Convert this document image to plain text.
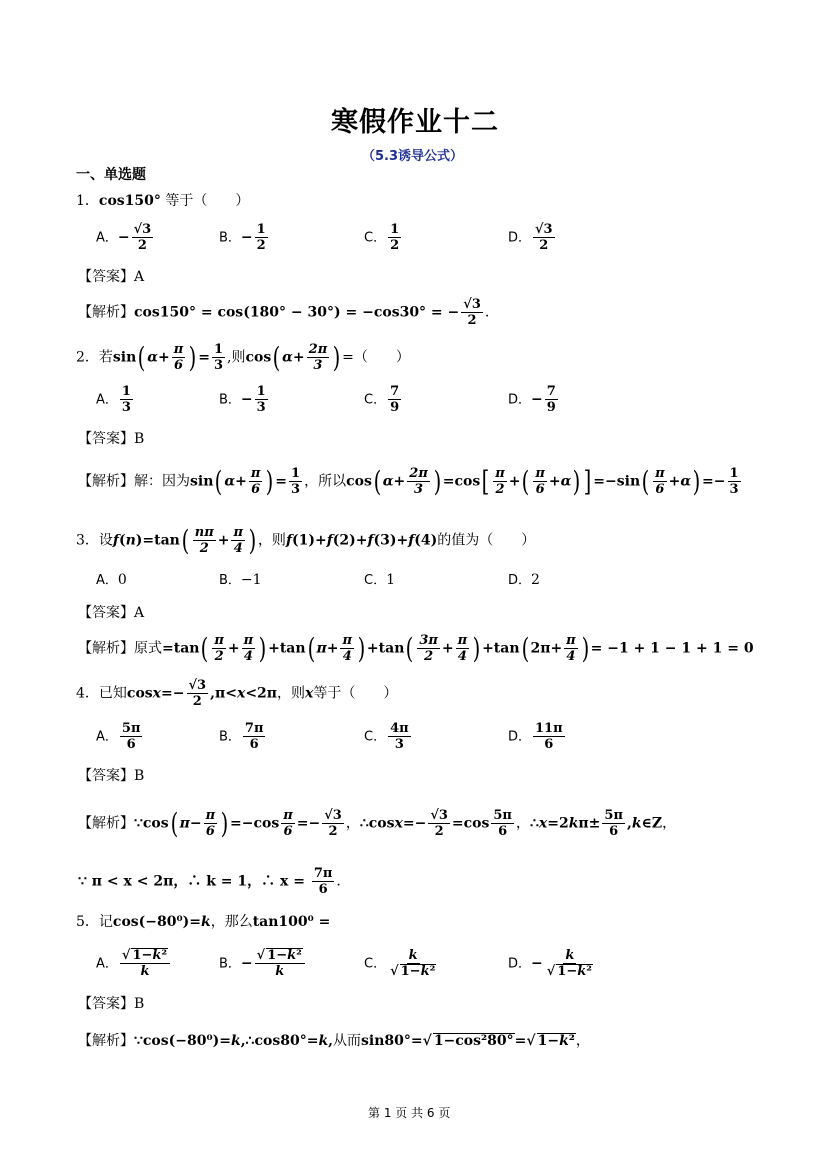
寒假作业十二
（5.3诱导公式）
一、单选题
1．cos150° 等于（　　）
A．− $\frac{√3}{2}$	B．− $\frac{1}{2}$	C． $\frac{1}{2}$	D． $\frac{√3}{2}$
【答案】A
【解析】cos150° = cos(180° − 30°) = −cos30° = − $\frac{√3}{2}$ .
2．若sin( $\alpha+ \frac{\pi}{6}$ ) = $\frac{1}{3}$ ,则cos( $\alpha+ \frac{2\pi}{3}$ ) =（　　）
A． $\frac{1}{3}$	B．− $\frac{1}{3}$	C． $\frac{7}{9}$	D．− $\frac{7}{9}$
【答案】B
【解析】解：因为sin( $\alpha+ \frac{\pi}{6}$ ) = $\frac{1}{3}$ ，所以cos( $\alpha+ \frac{2\pi}{3}$ ) $=\cos[ \frac{\pi}{2}$ +( $\frac{\pi}{6} +\alpha$) ] $=-\sin( \frac{\pi}{6} +\alpha) =- \frac{1}{3}$
3．设$f(n)=\tan( \frac{n\pi}{2} + \frac{\pi}{4}$ ) ，则f(1)+f(2)+f(3)+f(4)的值为（　　）
A．0	B．−1	C．1	D．2
【答案】A
【解析】原式$=\tan( \frac{\pi}{2} + \frac{\pi}{4}$ ) +tan( $\pi+ \frac{\pi}{4}$ ) $+\tan( \frac{3\pi}{2} + \frac{\pi}{4}$ ) +tan( $2\pi+ \frac{\pi}{4}$ ) = −1 + 1 − 1 + 1 = 0
4．已知$\cos x=- \frac{√3}{2} ,\pi<x<2\pi$，则x等于（　　）
A． $\frac{5\pi}{6}$	B． $\frac{7\pi}{6}$	C． $\frac{4\pi}{3}$	D． $\frac{11\pi}{6}$
【答案】B
【解析】∵cos( $\pi- \frac{\pi}{6}$ ) $=-\cos \frac{\pi}{6} =- \frac{√3}{2}$ ，∴cosx=− $\frac{√3}{2} =\cos \frac{5\pi}{6}$ ，∴x=2kπ± $\frac{5\pi}{6}$ ,k∈Z，
∵ π < x < 2π，∴ k = 1，∴ $x = \frac{7\pi}{6}$ .
5．记cos(−80⁰)=k，那么tan100⁰ =
A． $\frac{\text{√ 1−k²}}{k}$	B．− $\frac{\text{√ 1−k²}}{k}$	C． $\frac{k}{\text{√ 1−k²}}$	D．− $\frac{k}{\text{√ 1−k²}}$
【答案】B
【解析】∵cos(−80⁰)=k,∴cos80°=k,从而sin80°=√ 1−cos²80°=√ 1−k²，
第 1 页 共 6 页
